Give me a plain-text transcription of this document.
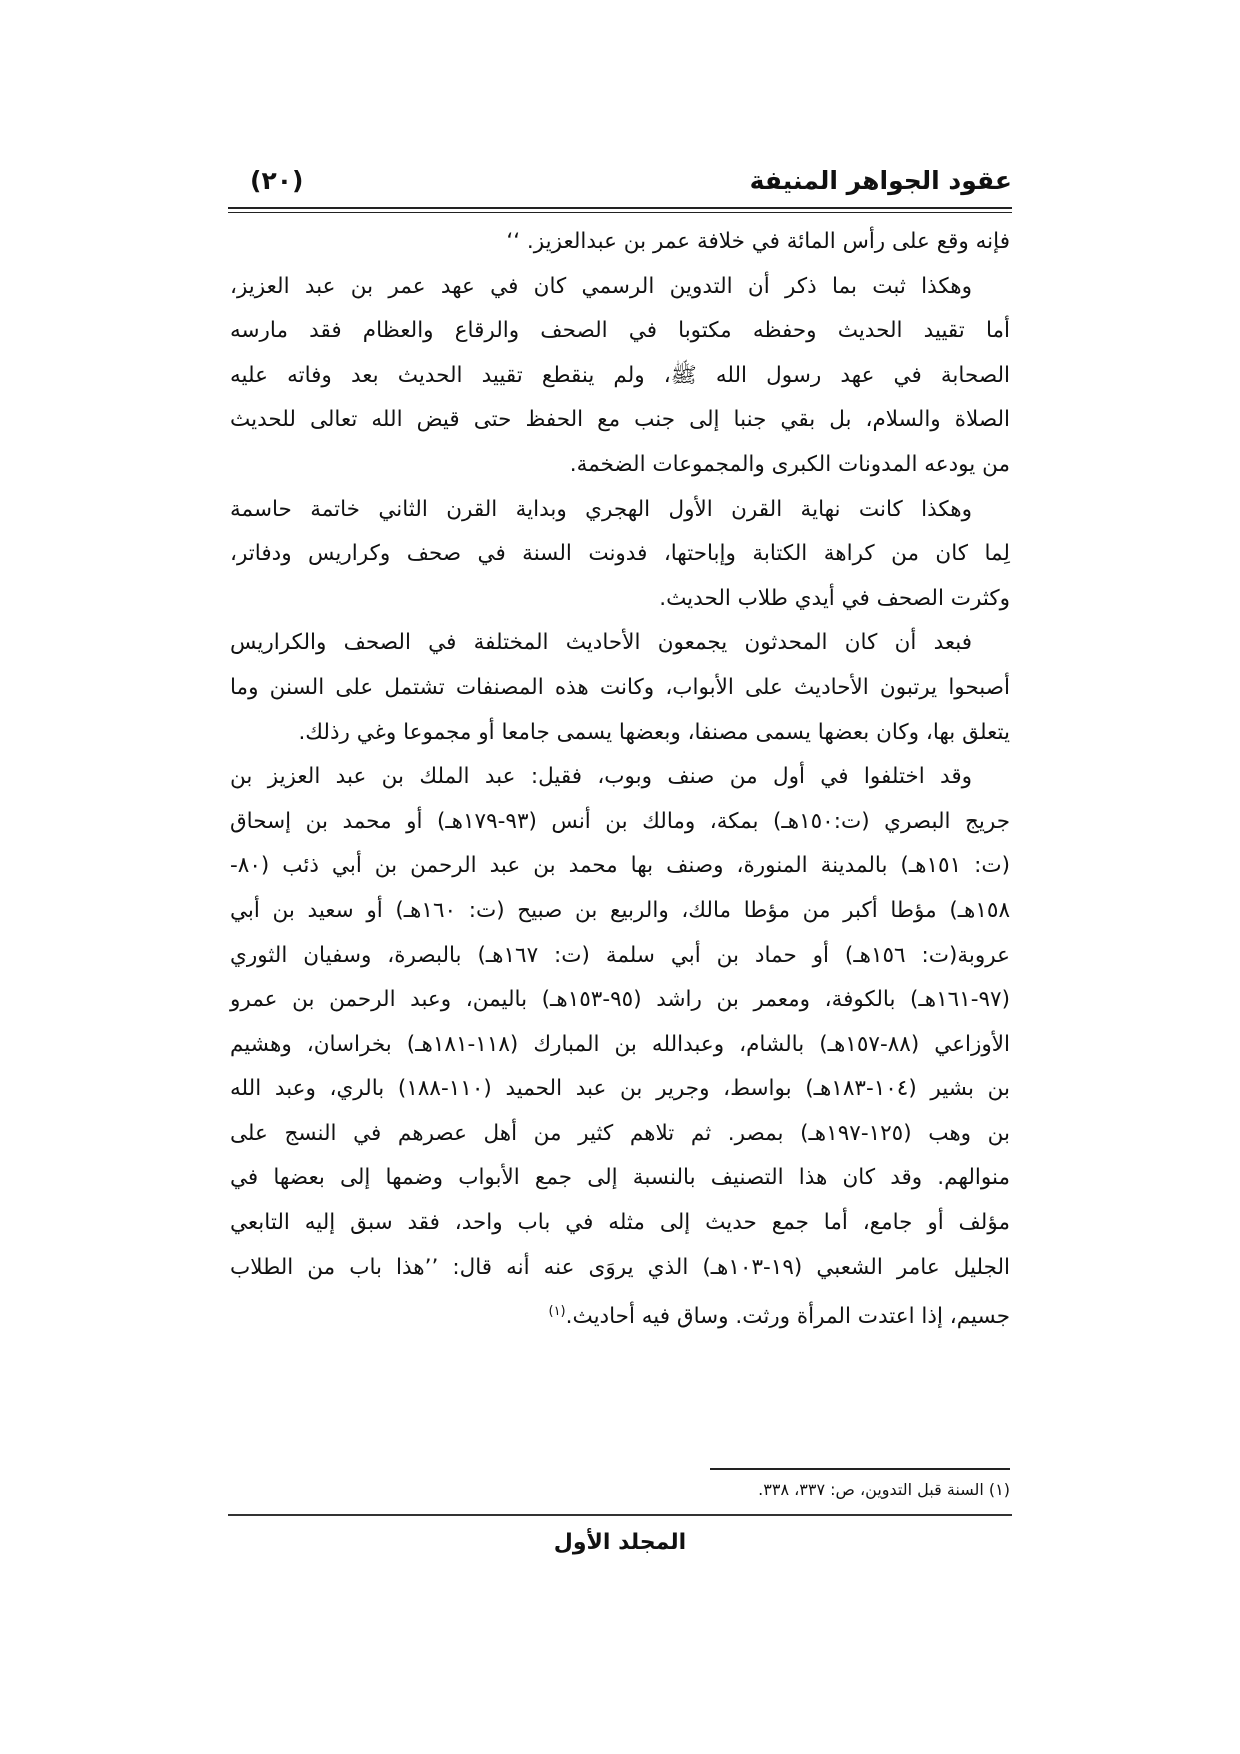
عقود الجواهر المنيفة
(٢٠)
فإنه وقع على رأس المائة في خلافة عمر بن عبدالعزيز. ‘‘
وهكذا ثبت بما ذكر أن التدوين الرسمي كان في عهد عمر بن عبد العزيز،
أما تقييد الحديث وحفظه مكتوبا في الصحف والرقاع والعظام فقد مارسه
الصحابة في عهد رسول الله ﷺ، ولم ينقطع تقييد الحديث بعد وفاته عليه
الصلاة والسلام، بل بقي جنبا إلى جنب مع الحفظ حتى قيض الله تعالى للحديث
من يودعه المدونات الكبرى والمجموعات الضخمة.
وهكذا كانت نهاية القرن الأول الهجري وبداية القرن الثاني خاتمة حاسمة
لِما كان من كراهة الكتابة وإباحتها، فدونت السنة في صحف وكراريس ودفاتر،
وكثرت الصحف في أيدي طلاب الحديث.
فبعد أن كان المحدثون يجمعون الأحاديث المختلفة في الصحف والكراريس
أصبحوا يرتبون الأحاديث على الأبواب، وكانت هذه المصنفات تشتمل على السنن وما
يتعلق بها، وكان بعضها يسمى مصنفا، وبعضها يسمى جامعا أو مجموعا وغي رذلك.
وقد اختلفوا في أول من صنف وبوب، فقيل: عبد الملك بن عبد العزيز بن
جريج البصري (ت:١٥٠هـ) بمكة، ومالك بن أنس (٩٣-١٧٩هـ) أو محمد بن إسحاق
(ت: ١٥١هـ) بالمدينة المنورة، وصنف بها محمد بن عبد الرحمن بن أبي ذئب (٨٠-
١٥٨هـ) مؤطا أكبر من مؤطا مالك، والربيع بن صبيح (ت: ١٦٠هـ) أو سعيد بن أبي
عروبة(ت: ١٥٦هـ) أو حماد بن أبي سلمة (ت: ١٦٧هـ) بالبصرة، وسفيان الثوري
(٩٧-١٦١هـ) بالكوفة، ومعمر بن راشد (٩٥-١٥٣هـ) باليمن، وعبد الرحمن بن عمرو
الأوزاعي (٨٨-١٥٧هـ) بالشام، وعبدالله بن المبارك (١١٨-١٨١هـ) بخراسان، وهشيم
بن بشير (١٠٤-١٨٣هـ) بواسط، وجرير بن عبد الحميد (١١٠-١٨٨) بالري، وعبد الله
بن وهب (١٢٥-١٩٧هـ) بمصر. ثم تلاهم كثير من أهل عصرهم في النسج على
منوالهم. وقد كان هذا التصنيف بالنسبة إلى جمع الأبواب وضمها إلى بعضها في
مؤلف أو جامع، أما جمع حديث إلى مثله في باب واحد، فقد سبق إليه التابعي
الجليل عامر الشعبي (١٩-١٠٣هـ) الذي يروَى عنه أنه قال: ’’هذا باب من الطلاب
جسيم، إذا اعتدت المرأة ورثت. وساق فيه أحاديث.$^{(١)}$
(١) السنة قبل التدوين، ص: ٣٣٧، ٣٣٨.
المجلد الأول
